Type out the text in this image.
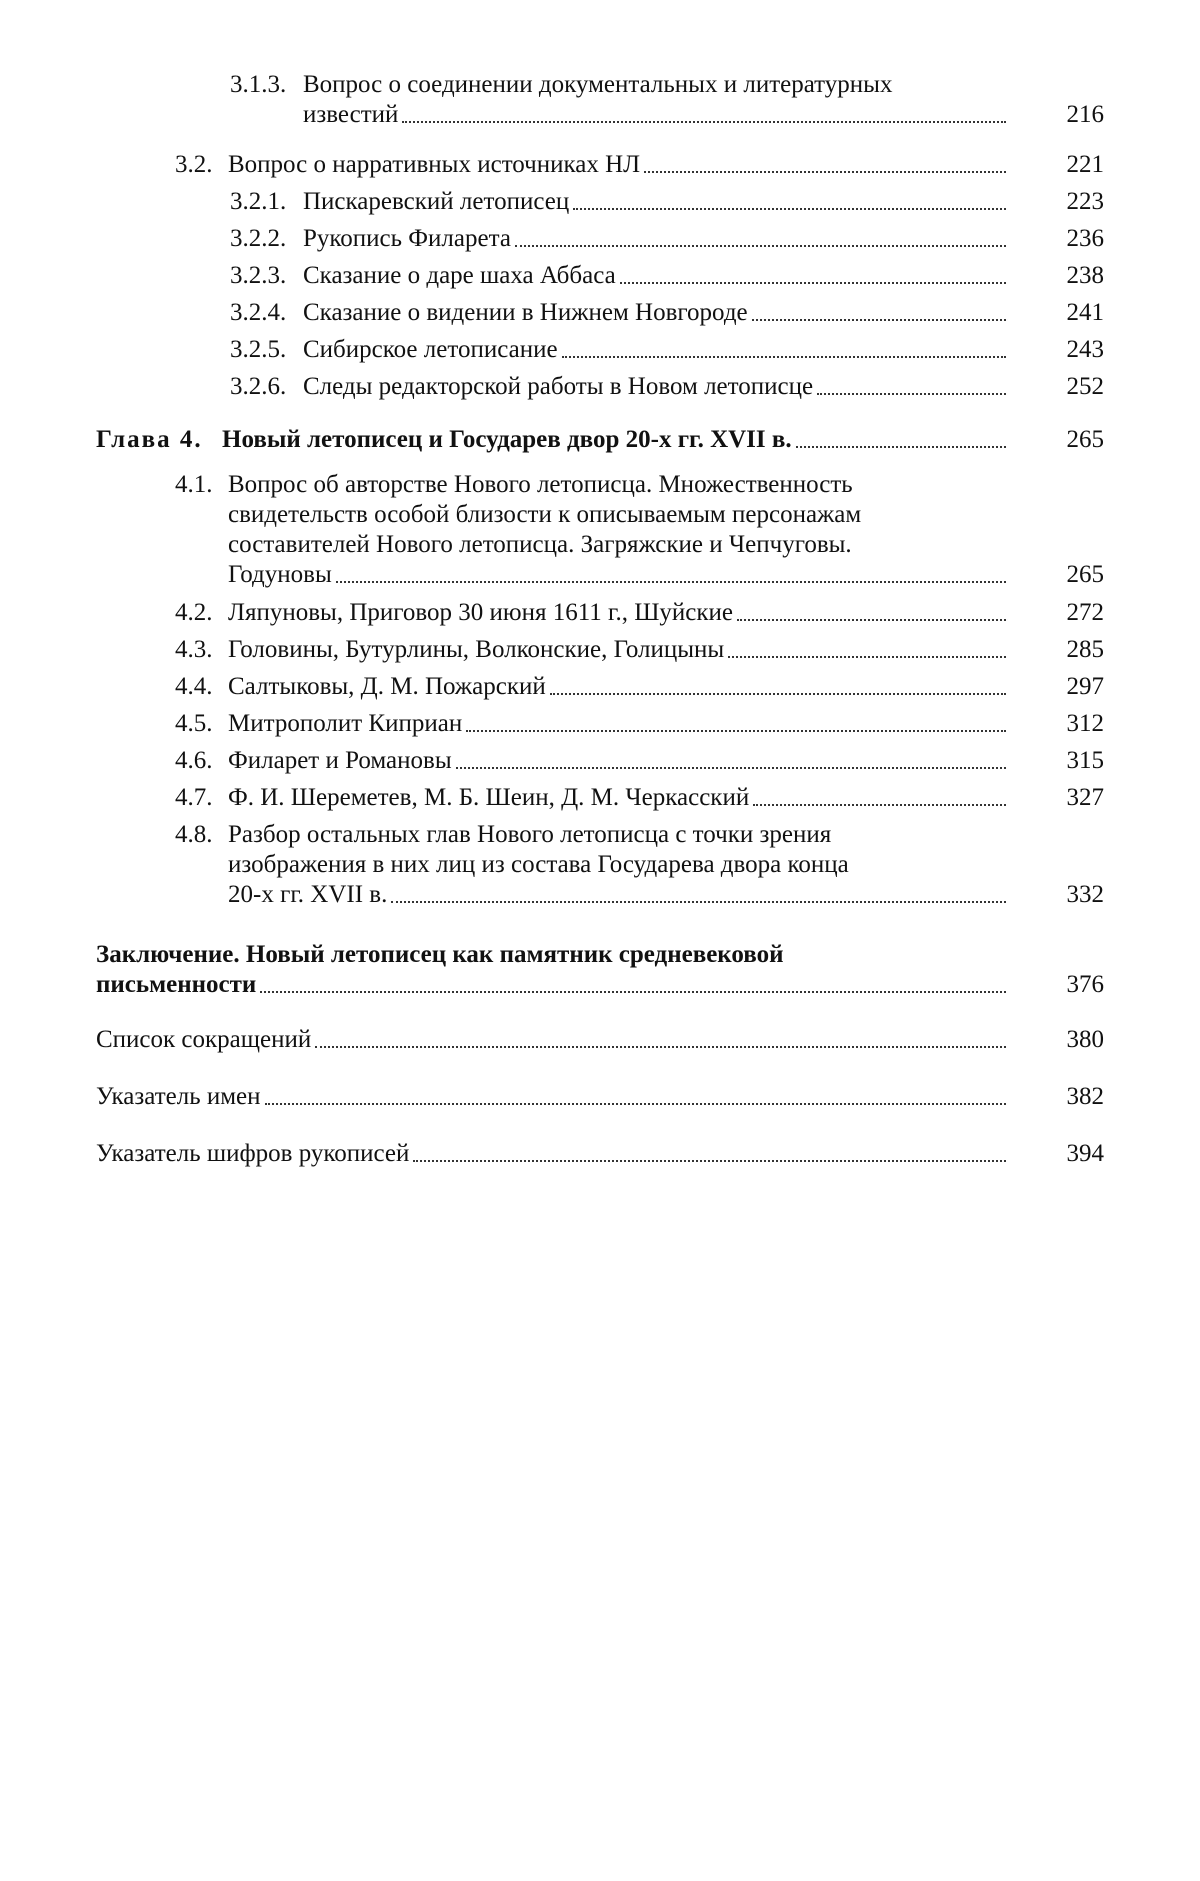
3.1.3. Вопрос о соединении документальных и литературных
известий	216
3.2. Вопрос о нарративных источниках НЛ	221
3.2.1. Пискаревский летописец	223
3.2.2. Рукопись Филарета	236
3.2.3. Сказание о даре шаха Аббаса	238
3.2.4. Сказание о видении в Нижнем Новгороде	241
3.2.5. Сибирское летописание	243
3.2.6. Следы редакторской работы в Новом летописце	252
Глава 4. Новый летописец и Государев двор 20-х гг. XVII в.	265
4.1. Вопрос об авторстве Нового летописца. Множественность
свидетельств особой близости к описываемым персонажам
составителей Нового летописца. Загряжские и Чепчуговы.
Годуновы	265
4.2. Ляпуновы, Приговор 30 июня 1611 г., Шуйские	272
4.3. Головины, Бутурлины, Волконские, Голицыны	285
4.4. Салтыковы, Д. М. Пожарский	297
4.5. Митрополит Киприан	312
4.6. Филарет и Романовы	315
4.7. Ф. И. Шереметев, М. Б. Шеин, Д. М. Черкасский	327
4.8. Разбор остальных глав Нового летописца с точки зрения
изображения в них лиц из состава Государева двора конца
20-х гг. XVII в.	332
Заключение. Новый летописец как памятник средневековой
письменности	376
Список сокращений	380
Указатель имен	382
Указатель шифров рукописей	394
